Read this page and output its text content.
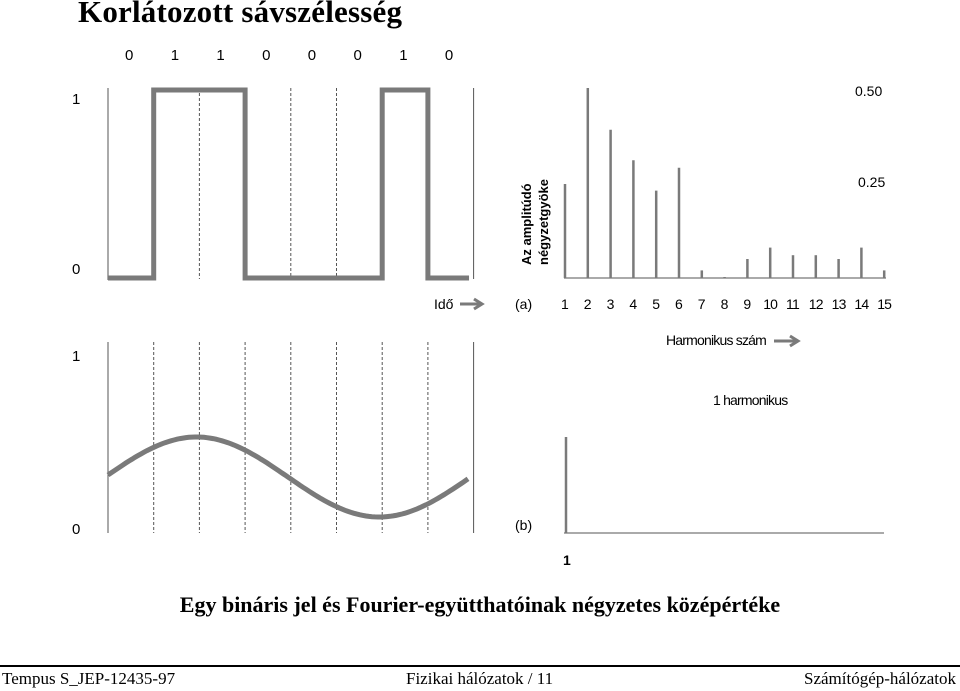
Korlátozott sávszélesség
0 1 1 0 0 0 1 0
1
0
Idő
1
0
1 2 3 4 5 6 7 8 9 10 11 12 13 14 15
0.50
0.25
Az amplitúdó négyzetgyöke
(a)
Harmonikus szám
1 harmonikus
(b)
1
Egy bináris jel és Fourier-együtthatóinak négyzetes középértéke
Tempus S_JEP-12435-97	Fizikai hálózatok / 11	Számítógép-hálózatok
